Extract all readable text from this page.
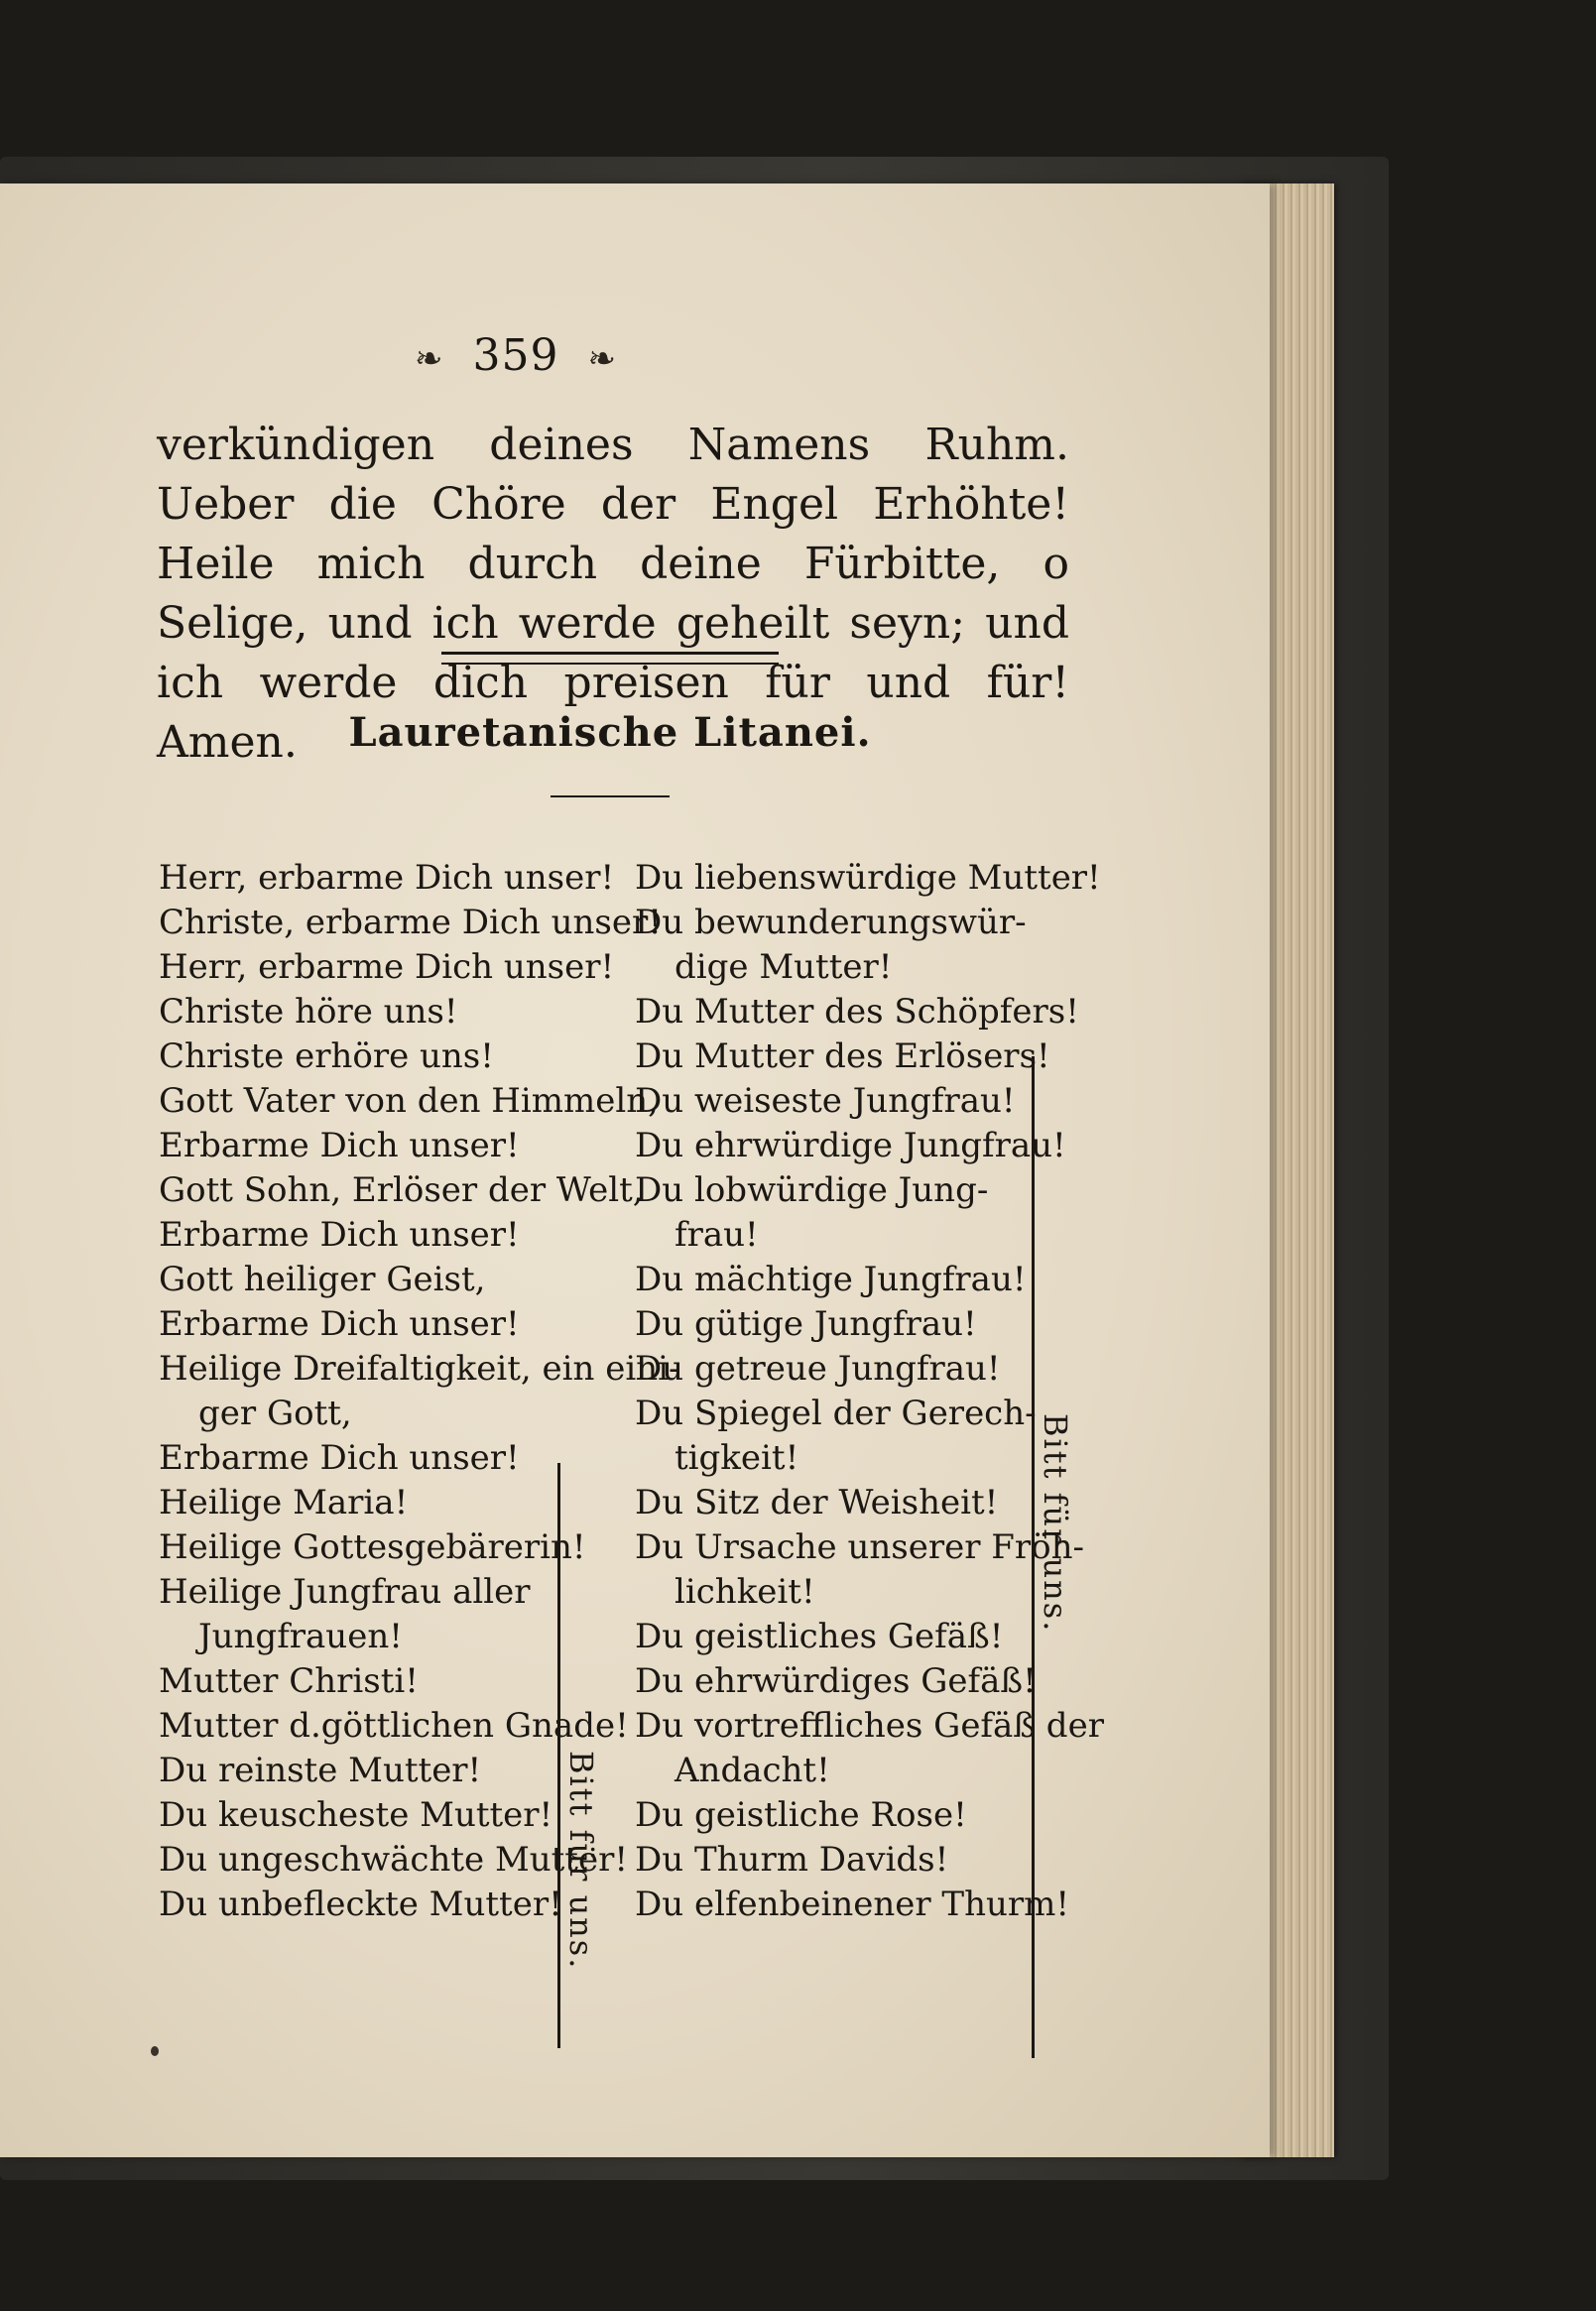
❧ 359 ❧
verkündigen deines Namens Ruhm. Ueber die Chöre der Engel Erhöhte! Heile mich durch deine Fürbitte, o Selige, und ich werde geheilt seyn; und ich werde dich preisen für und für! Amen.	Lauretanische Litanei.
Herr, erbarme Dich unser!
Christe, erbarme Dich unser!
Herr, erbarme Dich unser!
Christe höre uns!
Christe erhöre uns!
Gott Vater von den Himmeln,
Erbarme Dich unser!
Gott Sohn, Erlöser der Welt,
Erbarme Dich unser!
Gott heiliger Geist,
Erbarme Dich unser!
Heilige Dreifaltigkeit, ein eini-
ger Gott,
Erbarme Dich unser!
Heilige Maria!
Heilige Gottesgebärerin!
Heilige Jungfrau aller
Jungfrauen!
Mutter Christi!
Mutter d.göttlichen Gnade!
Du reinste Mutter!
Du keuscheste Mutter!
Du ungeschwächte Mutter!
Du unbefleckte Mutter! Bitt für uns.
Du liebenswürdige Mutter!
Du bewunderungswür-
dige Mutter!
Du Mutter des Schöpfers!
Du Mutter des Erlösers!
Du weiseste Jungfrau!
Du ehrwürdige Jungfrau!
Du lobwürdige Jung-
frau!
Du mächtige Jungfrau!
Du gütige Jungfrau!
Du getreue Jungfrau!
Du Spiegel der Gerech-
tigkeit!
Du Sitz der Weisheit!
Du Ursache unserer Fröh-
lichkeit!
Du geistliches Gefäß!
Du ehrwürdiges Gefäß!
Du vortreffliches Gefäß der
Andacht!
Du geistliche Rose!
Du Thurm Davids!
Du elfenbeinener Thurm!
Bitt für uns.
